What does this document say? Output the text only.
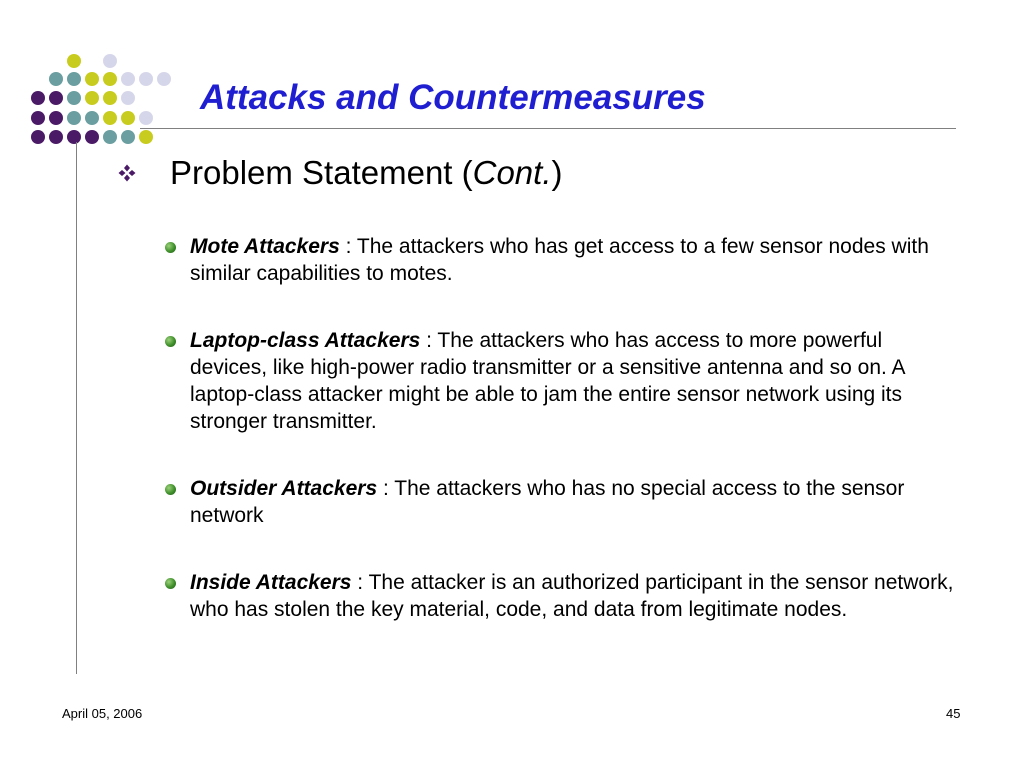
Attacks and Countermeasures
Problem Statement (Cont.)
Mote Attackers : The attackers who has get access to a few sensor nodes with similar capabilities to motes.
Laptop-class Attackers : The attackers who has access to more powerful devices, like high-power radio transmitter or a sensitive antenna and so on. A laptop-class attacker might be able to jam the entire sensor network using its stronger transmitter.
Outsider Attackers : The attackers who has no special access to the sensor network
Inside Attackers : The attacker is an authorized participant in the sensor network, who has stolen the key material, code, and data from legitimate nodes.
April 05, 2006	45
